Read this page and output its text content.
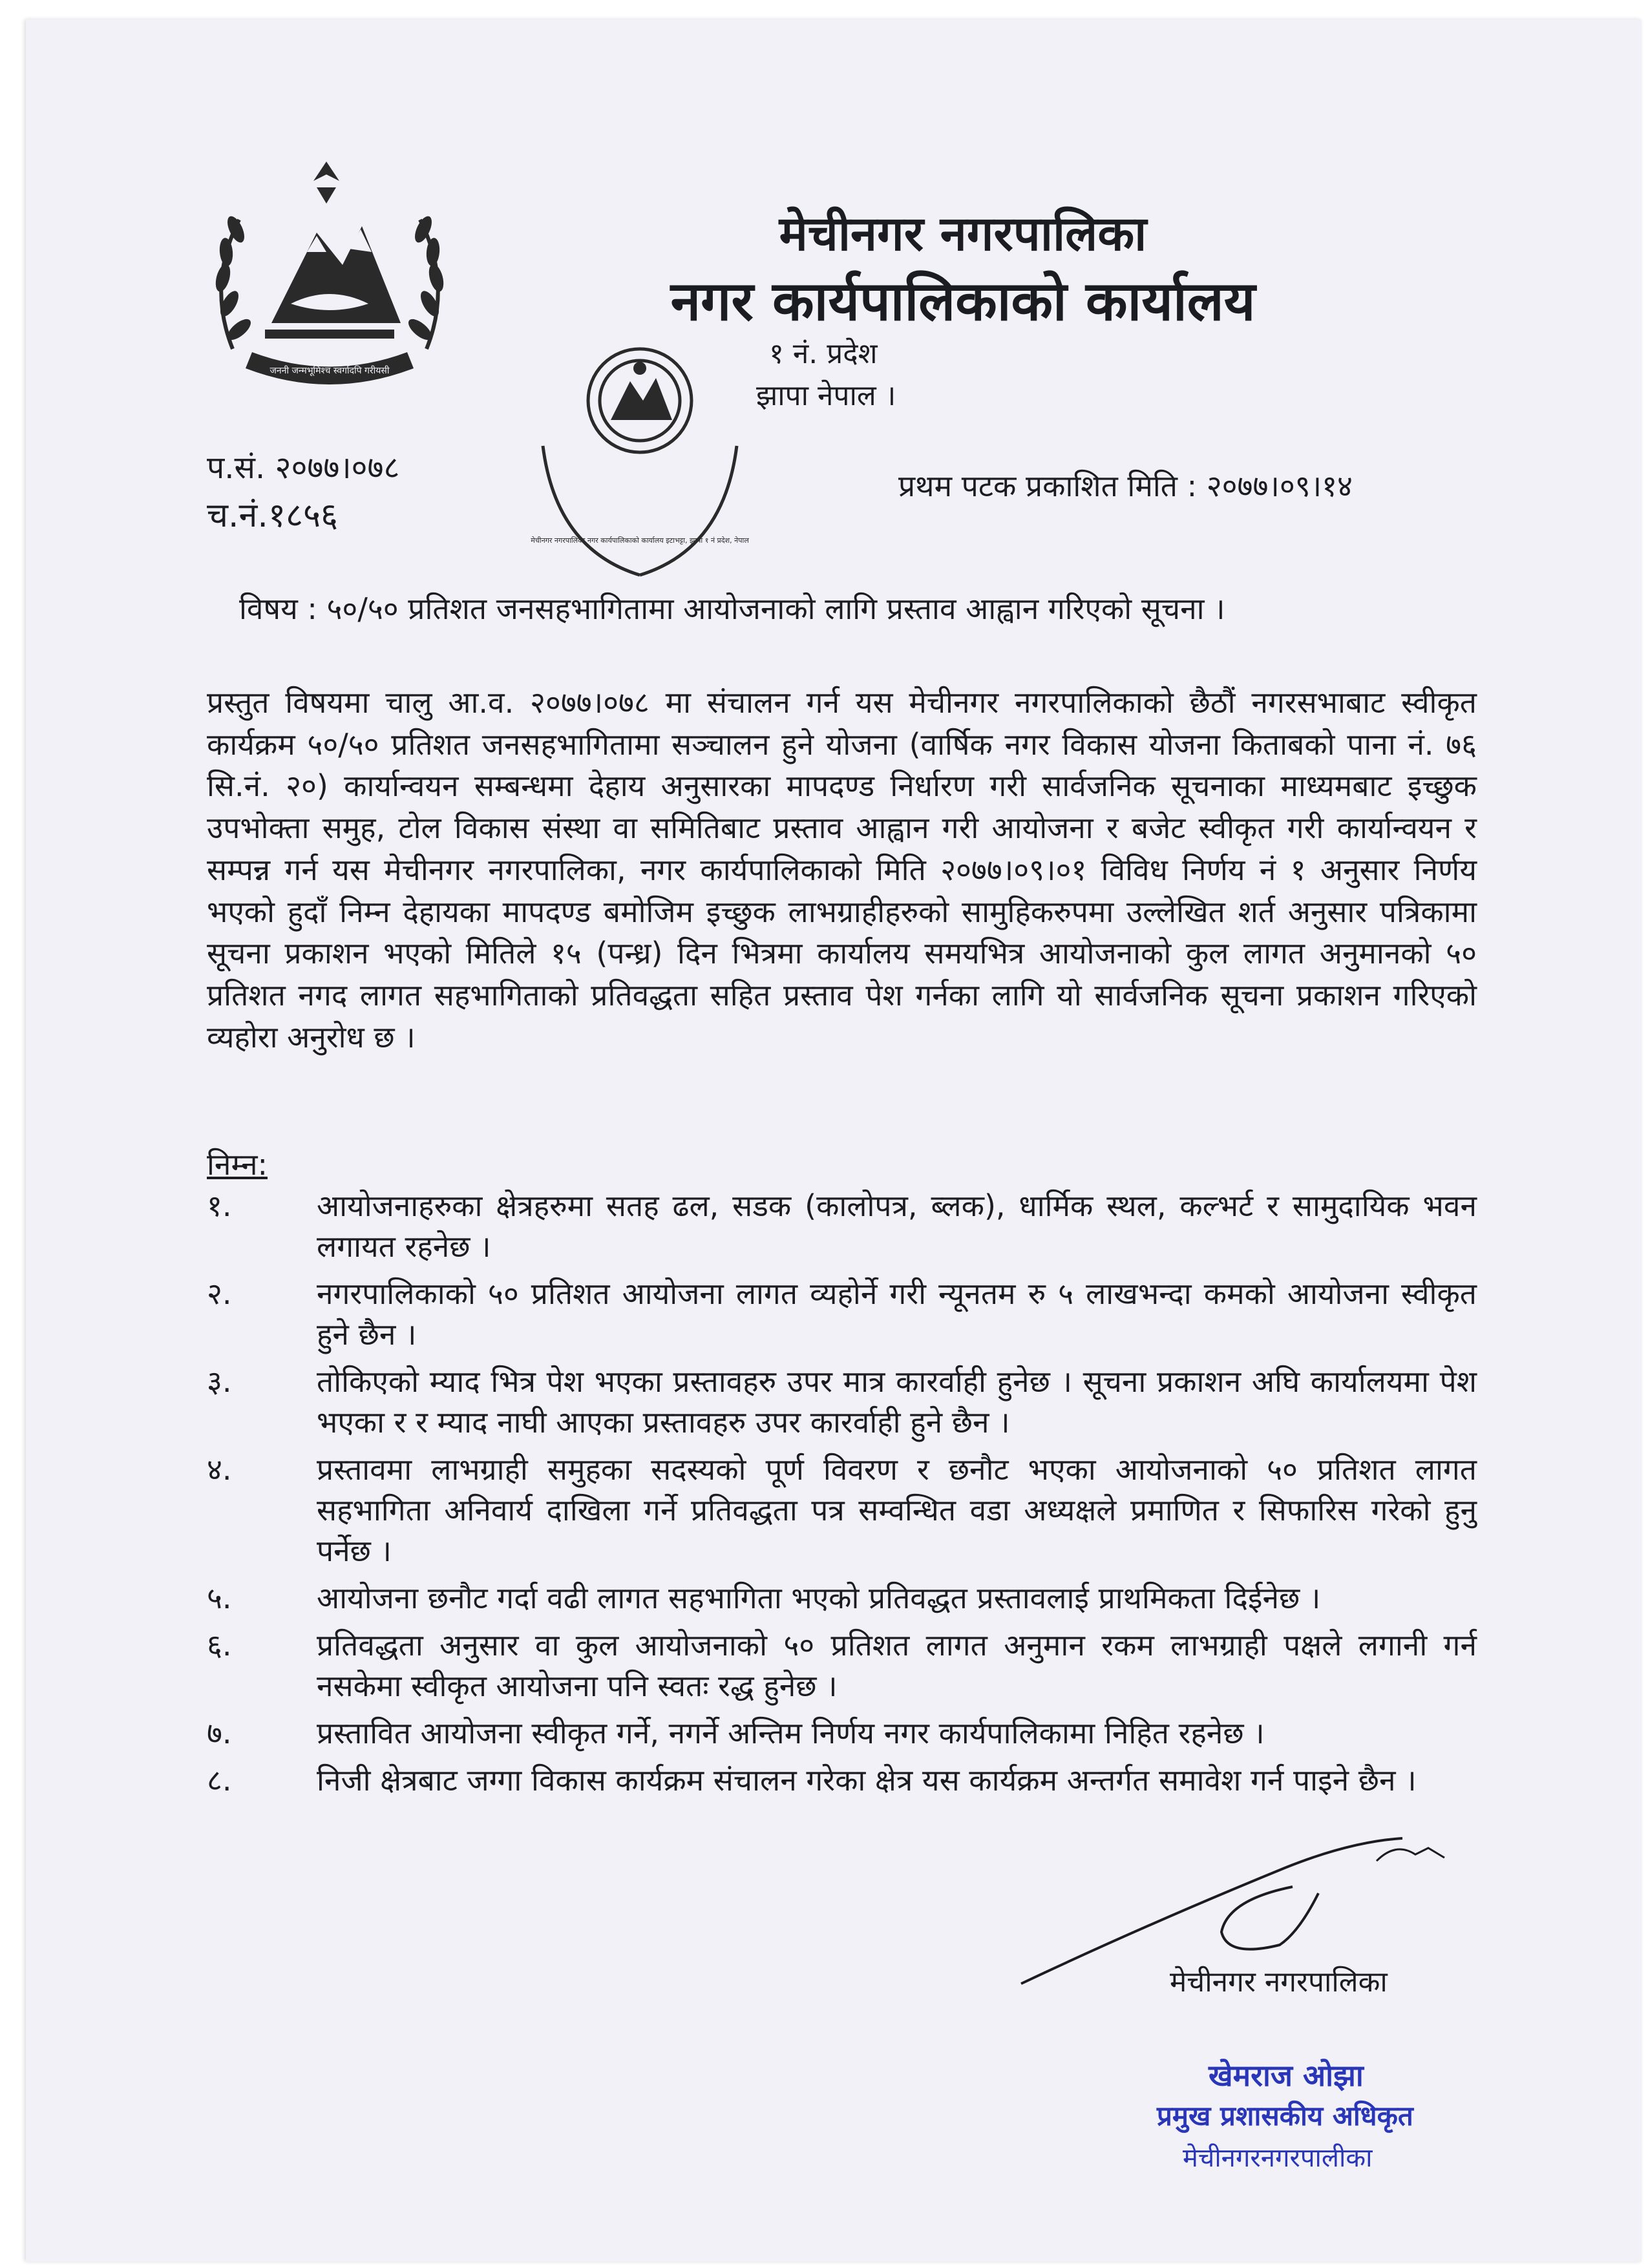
जननी जन्मभूमिश्च स्वर्गादपि गरीयसी
मेचीनगर नगरपालिका
नगर कार्यपालिकाको कार्यालय
१ नं. प्रदेश
झापा नेपाल ।
मेचीनगर नगरपालिका नगर कार्यपालिकाको कार्यालय इटाभट्टा, झापा १ नं प्रदेश, नेपाल
प.सं. २०७७।०७८
च.नं.१८५६
प्रथम पटक प्रकाशित मिति : २०७७।०९।१४
विषय : ५०/५० प्रतिशत जनसहभागितामा आयोजनाको लागि प्रस्ताव आह्वान गरिएको सूचना ।
प्रस्तुत विषयमा चालु आ.व. २०७७।०७८ मा संचालन गर्न यस मेचीनगर नगरपालिकाको छैठौं नगरसभाबाट स्वीकृत कार्यक्रम ५०/५० प्रतिशत जनसहभागितामा सञ्चालन हुने योजना (वार्षिक नगर विकास योजना किताबको पाना नं. ७६ सि.नं. २०) कार्यान्वयन सम्बन्धमा देहाय अनुसारका मापदण्ड निर्धारण गरी सार्वजनिक सूचनाका माध्यमबाट इच्छुक उपभोक्ता समुह, टोल विकास संस्था वा समितिबाट प्रस्ताव आह्वान गरी आयोजना र बजेट स्वीकृत गरी कार्यान्वयन र सम्पन्न गर्न यस मेचीनगर नगरपालिका, नगर कार्यपालिकाको मिति २०७७।०९।०१ विविध निर्णय नं १ अनुसार निर्णय भएको हुदाँ निम्न देहायका मापदण्ड बमोजिम इच्छुक लाभग्राहीहरुको सामुहिकरुपमा उल्लेखित शर्त अनुसार पत्रिकामा सूचना प्रकाशन भएको मितिले १५ (पन्ध्र) दिन भित्रमा कार्यालय समयभित्र आयोजनाको कुल लागत अनुमानको ५० प्रतिशत नगद लागत सहभागिताको प्रतिवद्धता सहित प्रस्ताव पेश गर्नका लागि यो सार्वजनिक सूचना प्रकाशन गरिएको व्यहोरा अनुरोध छ ।
निम्न:
१.	आयोजनाहरुका क्षेत्रहरुमा सतह ढल, सडक (कालोपत्र, ब्लक), धार्मिक स्थल, कल्भर्ट र सामुदायिक भवन लगायत रहनेछ ।
२.	नगरपालिकाको ५० प्रतिशत आयोजना लागत व्यहोर्ने गरी न्यूनतम रु ५ लाखभन्दा कमको आयोजना स्वीकृत हुने छैन ।
३.	तोकिएको म्याद भित्र पेश भएका प्रस्तावहरु उपर मात्र कारर्वाही हुनेछ । सूचना प्रकाशन अघि कार्यालयमा पेश भएका र र म्याद नाघी आएका प्रस्तावहरु उपर कारर्वाही हुने छैन ।
४.	प्रस्तावमा लाभग्राही समुहका सदस्यको पूर्ण विवरण र छनौट भएका आयोजनाको ५० प्रतिशत लागत सहभागिता अनिवार्य दाखिला गर्ने प्रतिवद्धता पत्र सम्वन्धित वडा अध्यक्षले प्रमाणित र सिफारिस गरेको हुनु पर्नेछ ।
५.	आयोजना छनौट गर्दा वढी लागत सहभागिता भएको प्रतिवद्धत प्रस्तावलाई प्राथमिकता दिईनेछ ।
६.	प्रतिवद्धता अनुसार वा कुल आयोजनाको ५० प्रतिशत लागत अनुमान रकम लाभग्राही पक्षले लगानी गर्न नसकेमा स्वीकृत आयोजना पनि स्वतः रद्ध हुनेछ ।
७.	प्रस्तावित आयोजना स्वीकृत गर्ने, नगर्ने अन्तिम निर्णय नगर कार्यपालिकामा निहित रहनेछ ।
८.	निजी क्षेत्रबाट जग्गा विकास कार्यक्रम संचालन गरेका क्षेत्र यस कार्यक्रम अन्तर्गत समावेश गर्न पाइने छैन ।
मेचीनगर नगरपालिका
खेमराज ओझा
प्रमुख प्रशासकीय अधिकृत
मेचीनगरनगरपालीका
